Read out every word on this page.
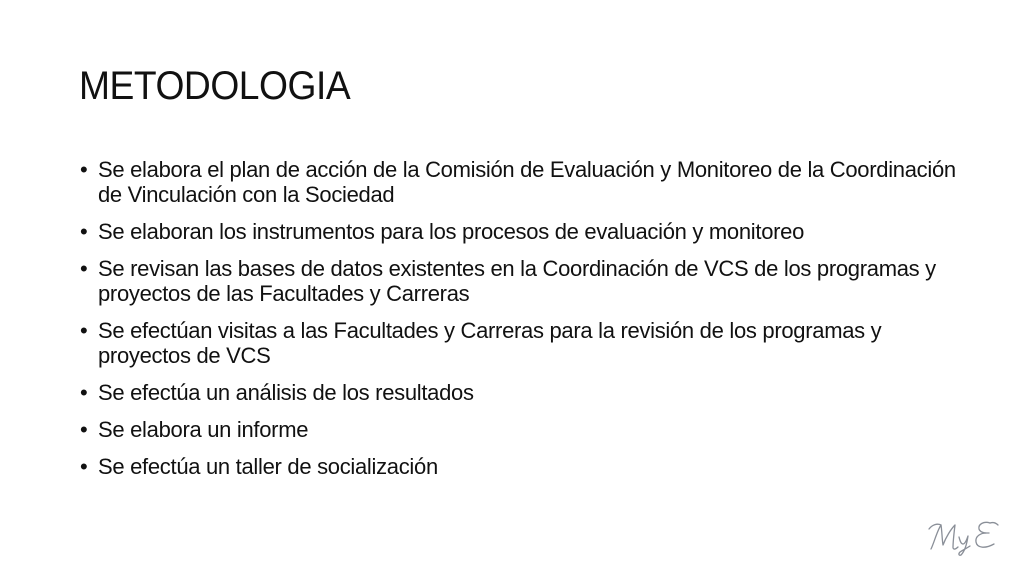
METODOLOGIA
• Se elabora el plan de acción de la Comisión de Evaluación y Monitoreo de la Coordinación de Vinculación con la Sociedad
• Se elaboran los instrumentos para los procesos de evaluación y monitoreo
• Se revisan las bases de datos existentes en la Coordinación de VCS de los programas y proyectos de las Facultades y Carreras
• Se efectúan visitas a las Facultades y Carreras para la revisión de los programas y proyectos de VCS
• Se efectúa un análisis de los resultados
• Se elabora un informe
• Se efectúa un taller de socialización
